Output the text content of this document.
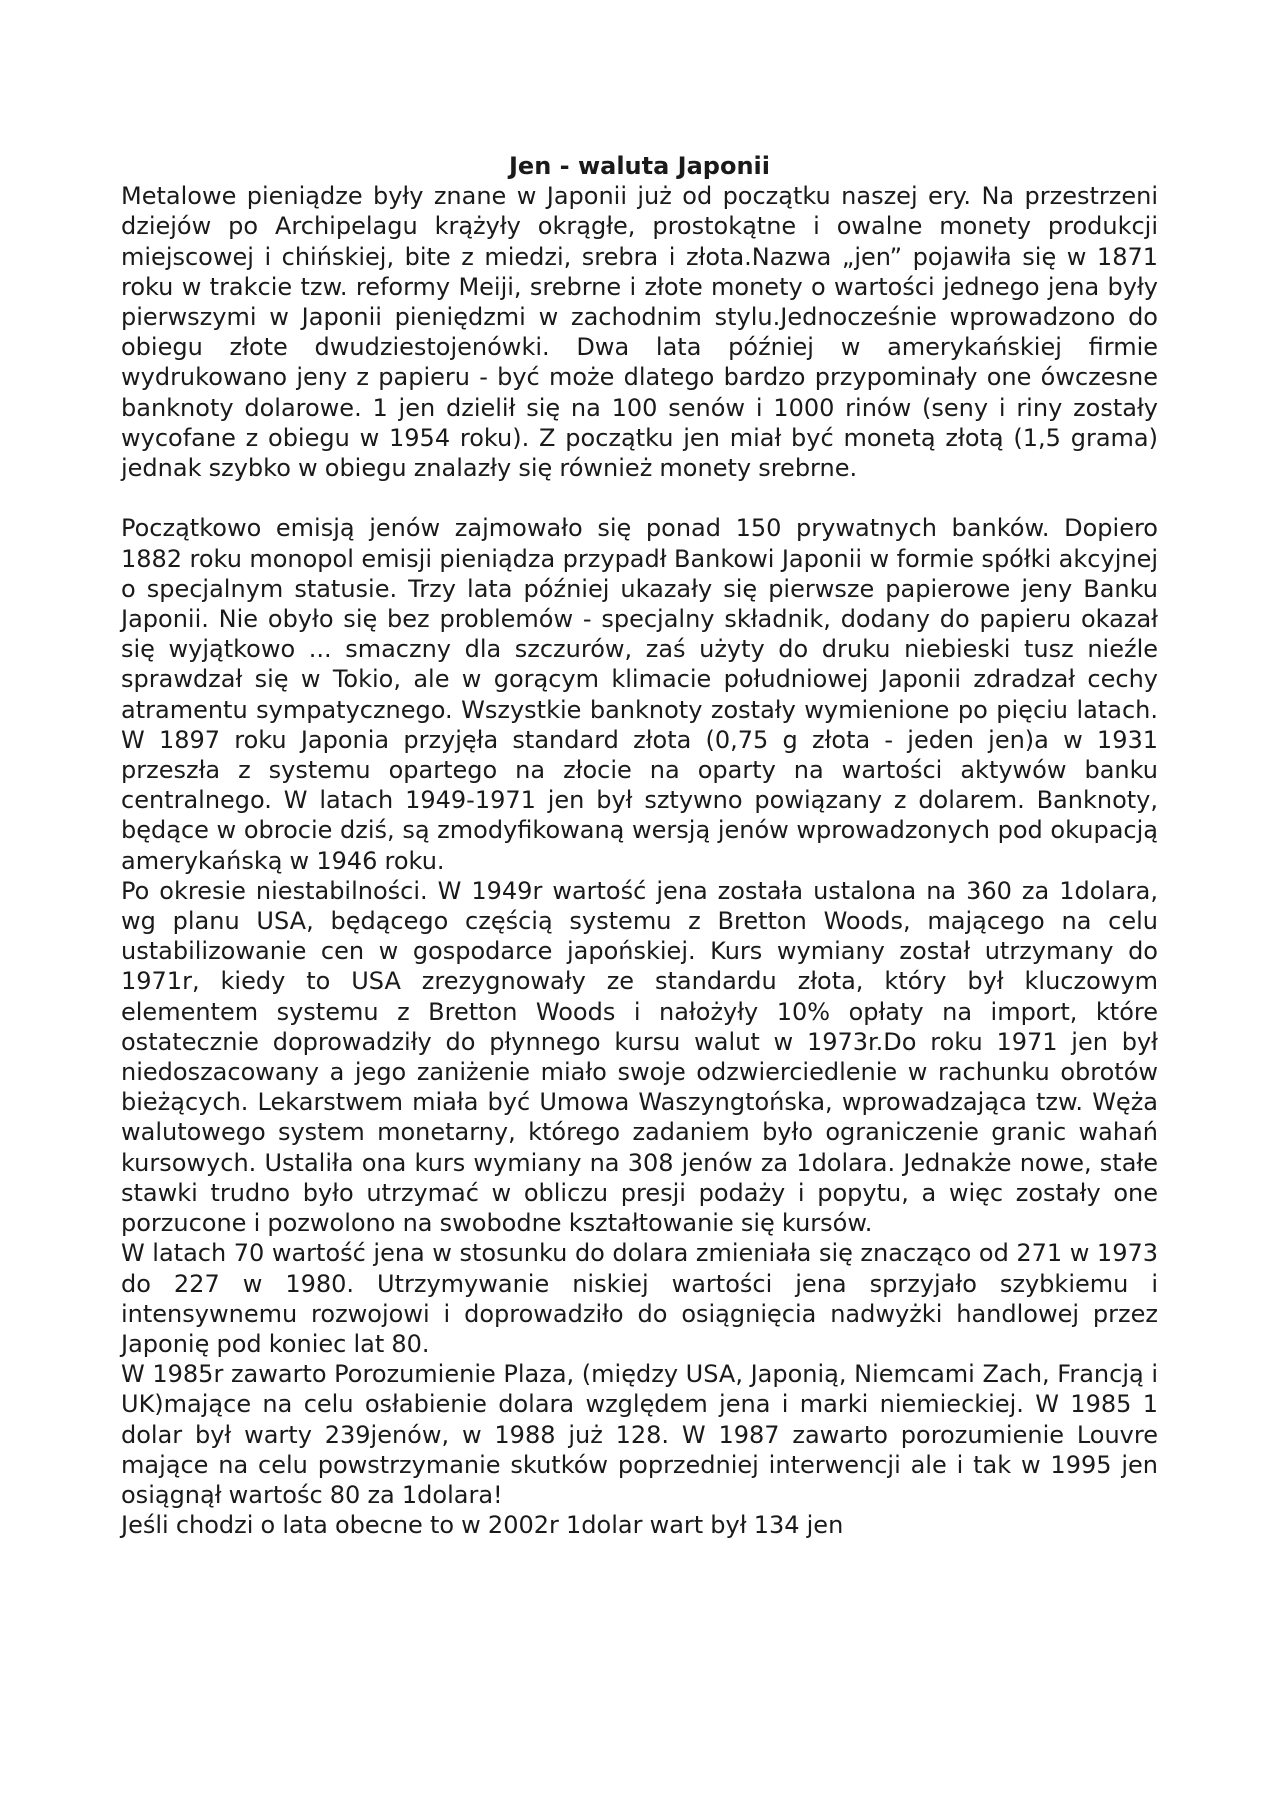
Jen - waluta Japonii

Metalowe pieniądze były znane w Japonii już od początku naszej ery. Na przestrzeni dziejów po Archipelagu krążyły okrągłe, prostokątne i owalne monety produkcji miejscowej i chińskiej, bite z miedzi, srebra i złota.Nazwa „jen” pojawiła się w 1871 roku w trakcie tzw. reformy Meiji, srebrne i złote monety o wartości jednego jena były pierwszymi w Japonii pieniędzmi w zachodnim stylu.Jednocześnie wprowadzono do obiegu złote dwudziestojenówki. Dwa lata później w amerykańskiej firmie wydrukowano jeny z papieru - być może dlatego bardzo przypominały one ówczesne banknoty dolarowe. 1 jen dzielił się na 100 senów i 1000 rinów (seny i riny zostały wycofane z obiegu w 1954 roku). Z początku jen miał być monetą złotą (1,5 grama) jednak szybko w obiegu znalazły się również monety srebrne.

Początkowo emisją jenów zajmowało się ponad 150 prywatnych banków. Dopiero 1882 roku monopol emisji pieniądza przypadł Bankowi Japonii w formie spółki akcyjnej o specjalnym statusie. Trzy lata później ukazały się pierwsze papierowe jeny Banku Japonii. Nie obyło się bez problemów - specjalny składnik, dodany do papieru okazał się wyjątkowo ... smaczny dla szczurów, zaś użyty do druku niebieski tusz nieźle sprawdzał się w Tokio, ale w gorącym klimacie południowej Japonii zdradzał cechy atramentu sympatycznego. Wszystkie banknoty zostały wymienione po pięciu latach. W 1897 roku Japonia przyjęła standard złota (0,75 g złota - jeden jen)a w 1931 przeszła z systemu opartego na złocie na oparty na wartości aktywów banku centralnego. W latach 1949-1971 jen był sztywno powiązany z dolarem. Banknoty, będące w obrocie dziś, są zmodyfikowaną wersją jenów wprowadzonych pod okupacją amerykańską w 1946 roku.

Po okresie niestabilności. W 1949r wartość jena została ustalona na 360 za 1dolara, wg planu USA, będącego częścią systemu z Bretton Woods, mającego na celu ustabilizowanie cen w gospodarce japońskiej. Kurs wymiany został utrzymany do 1971r, kiedy to USA zrezygnowały ze standardu złota, który był kluczowym elementem systemu z Bretton Woods i nałożyły 10% opłaty na import, które ostatecznie doprowadziły do płynnego kursu walut w 1973r.Do roku 1971 jen był niedoszacowany a jego zaniżenie miało swoje odzwierciedlenie w rachunku obrotów bieżących. Lekarstwem miała być Umowa Waszyngtońska, wprowadzająca tzw. Węża walutowego system monetarny, którego zadaniem było ograniczenie granic wahań kursowych. Ustaliła ona kurs wymiany na 308 jenów za 1dolara. Jednakże nowe, stałe stawki trudno było utrzymać w obliczu presji podaży i popytu, a więc zostały one porzucone i pozwolono na swobodne kształtowanie się kursów.

W latach 70 wartość jena w stosunku do dolara zmieniała się znacząco od 271 w 1973 do 227 w 1980. Utrzymywanie niskiej wartości jena sprzyjało szybkiemu i intensywnemu rozwojowi i doprowadziło do osiągnięcia nadwyżki handlowej przez Japonię pod koniec lat 80.

W 1985r zawarto Porozumienie Plaza, (między USA, Japonią, Niemcami Zach, Francją i UK)mające na celu osłabienie dolara względem jena i marki niemieckiej. W 1985 1 dolar był warty 239jenów, w 1988 już 128. W 1987 zawarto porozumienie Louvre mające na celu powstrzymanie skutków poprzedniej interwencji ale i tak w 1995 jen osiągnął wartośc 80 za 1dolara!

Jeśli chodzi o lata obecne to w 2002r 1dolar wart był 134 jen
